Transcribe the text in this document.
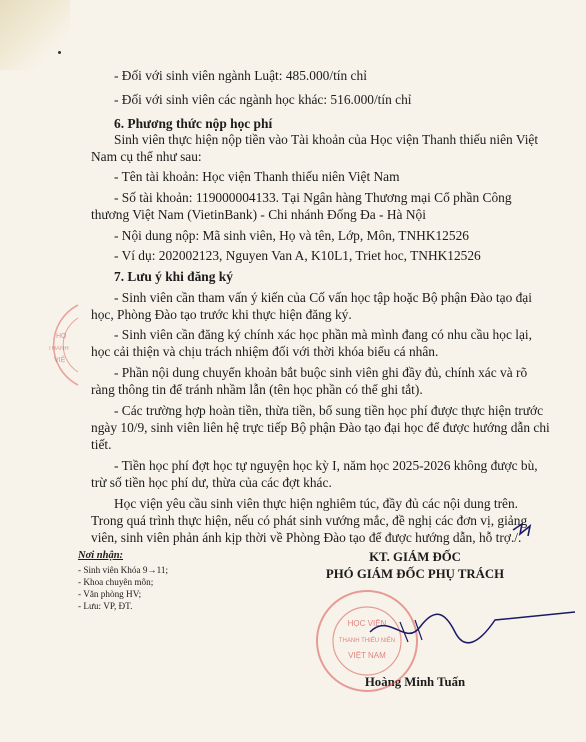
- Đối với sinh viên ngành Luật: 485.000/tín chỉ
- Đối với sinh viên các ngành học khác: 516.000/tín chỉ
6. Phương thức nộp học phí
Sinh viên thực hiện nộp tiền vào Tài khoản của Học viện Thanh thiếu niên Việt
Nam cụ thể như sau:
- Tên tài khoản: Học viện Thanh thiếu niên Việt Nam
- Số tài khoản: 119000004133. Tại Ngân hàng Thương mại Cổ phần Công
thương Việt Nam (VietinBank) - Chi nhánh Đống Đa - Hà Nội
- Nội dung nộp: Mã sinh viên, Họ và tên, Lớp, Môn, TNHK12526
- Ví dụ: 202002123, Nguyen Van A, K10L1, Triet hoc, TNHK12526
7. Lưu ý khi đăng ký
- Sinh viên cần tham vấn ý kiến của Cố vấn học tập hoặc Bộ phận Đào tạo đại
học, Phòng Đào tạo trước khi thực hiện đăng ký.
- Sinh viên cần đăng ký chính xác học phần mà mình đang có nhu cầu học lại,
học cải thiện và chịu trách nhiệm đối với thời khóa biểu cá nhân.
- Phần nội dung chuyển khoản bắt buộc sinh viên ghi đầy đủ, chính xác và rõ
ràng thông tin để tránh nhầm lẫn (tên học phần có thể ghi tắt).
- Các trường hợp hoàn tiền, thừa tiền, bổ sung tiền học phí được thực hiện trước
ngày 10/9, sinh viên liên hệ trực tiếp Bộ phận Đào tạo đại học để được hướng dẫn chi
tiết.
- Tiền học phí đợt học tự nguyện học kỳ I, năm học 2025-2026 không được bù,
trừ số tiền học phí dư, thừa của các đợt khác.
Học viện yêu cầu sinh viên thực hiện nghiêm túc, đầy đủ các nội dung trên.
Trong quá trình thực hiện, nếu có phát sinh vướng mắc, đề nghị các đơn vị, giảng
viên, sinh viên phản ánh kịp thời về Phòng Đào tạo để được hướng dẫn, hỗ trợ./.
Nơi nhận:
- Sinh viên Khóa 9→11;
- Khoa chuyên môn;
- Văn phòng HV;
- Lưu: VP, ĐT.
KT. GIÁM ĐỐC
PHÓ GIÁM ĐỐC PHỤ TRÁCH
Hoàng Minh Tuấn
HỌC VIỆN
THANH THIẾU NIÊN
VIỆT NAM
HỌ
THANH
VIỆ
